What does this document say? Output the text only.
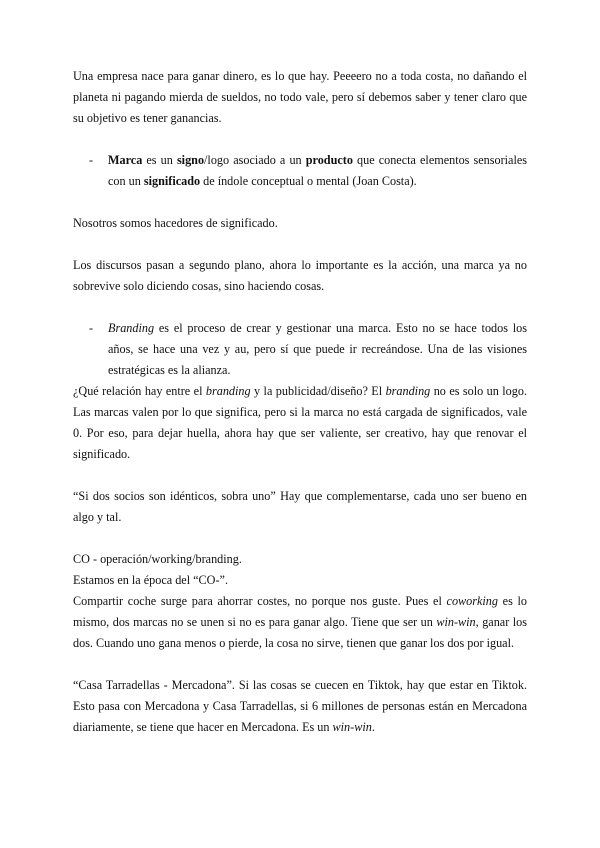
Una empresa nace para ganar dinero, es lo que hay. Peeeero no a toda costa, no dañando el planeta ni pagando mierda de sueldos, no todo vale, pero sí debemos saber y tener claro que su objetivo es tener ganancias.

- Marca es un signo/logo asociado a un producto que conecta elementos sensoriales con un significado de índole conceptual o mental (Joan Costa).

Nosotros somos hacedores de significado.

Los discursos pasan a segundo plano, ahora lo importante es la acción, una marca ya no sobrevive solo diciendo cosas, sino haciendo cosas.

- Branding es el proceso de crear y gestionar una marca. Esto no se hace todos los años, se hace una vez y au, pero sí que puede ir recreándose. Una de las visiones estratégicas es la alianza.

¿Qué relación hay entre el branding y la publicidad/diseño? El branding no es solo un logo. Las marcas valen por lo que significa, pero si la marca no está cargada de significados, vale 0. Por eso, para dejar huella, ahora hay que ser valiente, ser creativo, hay que renovar el significado.

“Si dos socios son idénticos, sobra uno” Hay que complementarse, cada uno ser bueno en algo y tal.

CO - operación/working/branding.

Estamos en la época del “CO-”.

Compartir coche surge para ahorrar costes, no porque nos guste. Pues el coworking es lo mismo, dos marcas no se unen si no es para ganar algo. Tiene que ser un win-win, ganar los dos. Cuando uno gana menos o pierde, la cosa no sirve, tienen que ganar los dos por igual.

“Casa Tarradellas - Mercadona”. Si las cosas se cuecen en Tiktok, hay que estar en Tiktok. Esto pasa con Mercadona y Casa Tarradellas, si 6 millones de personas están en Mercadona diariamente, se tiene que hacer en Mercadona. Es un win-win.
